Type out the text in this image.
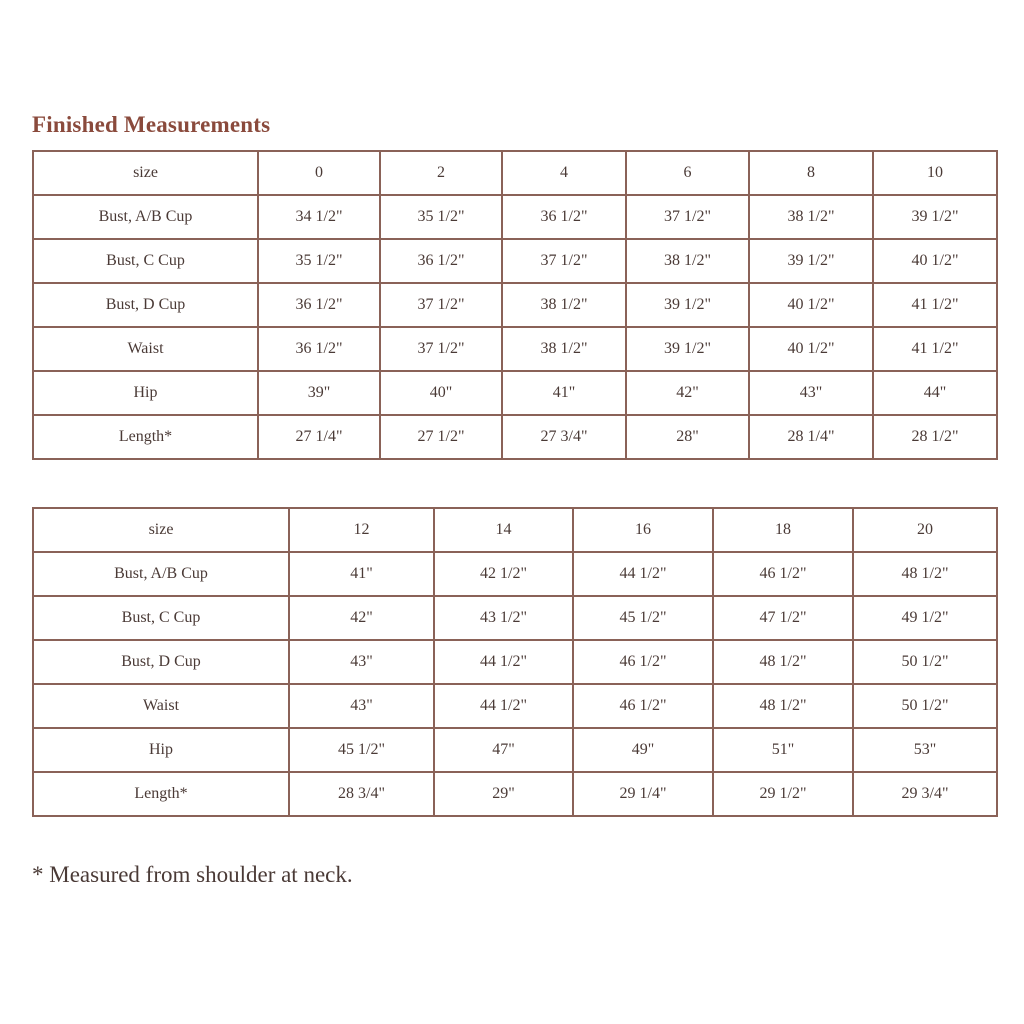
Finished Measurements
size	0	2	4	6	8	10
Bust, A/B Cup	34 1/2"	35 1/2"	36 1/2"	37 1/2"	38 1/2"	39 1/2"
Bust, C Cup	35 1/2"	36 1/2"	37 1/2"	38 1/2"	39 1/2"	40 1/2"
Bust, D Cup	36 1/2"	37 1/2"	38 1/2"	39 1/2"	40 1/2"	41 1/2"
Waist	36 1/2"	37 1/2"	38 1/2"	39 1/2"	40 1/2"	41 1/2"
Hip	39"	40"	41"	42"	43"	44"
Length*	27 1/4"	27 1/2"	27 3/4"	28"	28 1/4"	28 1/2"
size	12	14	16	18	20
Bust, A/B Cup	41"	42 1/2"	44 1/2"	46 1/2"	48 1/2"
Bust, C Cup	42"	43 1/2"	45 1/2"	47 1/2"	49 1/2"
Bust, D Cup	43"	44 1/2"	46 1/2"	48 1/2"	50 1/2"
Waist	43"	44 1/2"	46 1/2"	48 1/2"	50 1/2"
Hip	45 1/2"	47"	49"	51"	53"
Length*	28 3/4"	29"	29 1/4"	29 1/2"	29 3/4"
* Measured from shoulder at neck.
